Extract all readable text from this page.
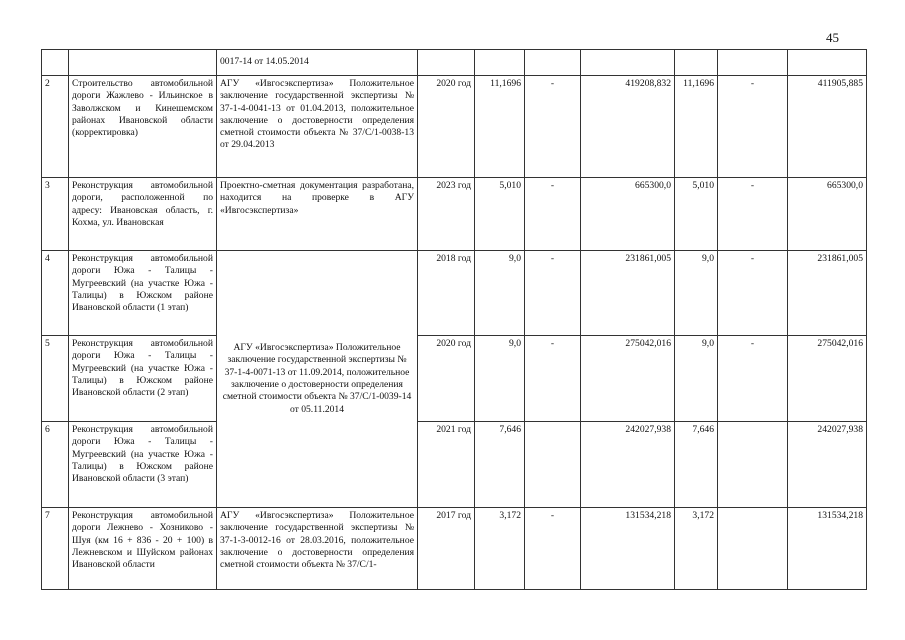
45
		0017-14 от 14.05.2014							
2	Строительство автомобильной дороги Жажлево - Ильинское в Заволжском и Кинешемском районах Ивановской области (корректировка)	АГУ «Ивгосэкспертиза» Положительное заключение государственной экспертизы № 37-1-4-0041-13 от 01.04.2013, положительное заключение о достоверности определения сметной стоимости объекта № 37/С/1-0038-13 от 29.04.2013	2020 год	11,1696	-	419208,832	11,1696	-	411905,885
3	Реконструкция автомобильной дороги, расположенной по адресу: Ивановская область, г. Кохма, ул. Ивановская	Проектно-сметная документация разработана, находится на проверке в АГУ «Ивгосэкспертиза»	2023 год	5,010	-	665300,0	5,010	-	665300,0
4	Реконструкция автомобильной дороги Южа - Талицы - Мугреевский (на участке Южа - Талицы) в Южском районе Ивановской области (1 этап)	АГУ «Ивгосэкспертиза» Положительное заключение государственной экспертизы № 37-1-4-0071-13 от 11.09.2014, положительное заключение о достоверности определения сметной стоимости объекта № 37/С/1-0039-14 от 05.11.2014	2018 год	9,0	-	231861,005	9,0	-	231861,005
5	Реконструкция автомобильной дороги Южа - Талицы - Мугреевский (на участке Южа - Талицы) в Южском районе Ивановской области (2 этап)		2020 год	9,0	-	275042,016	9,0	-	275042,016
6	Реконструкция автомобильной дороги Южа - Талицы - Мугреевский (на участке Южа - Талицы) в Южском районе Ивановской области (3 этап)		2021 год	7,646		242027,938	7,646		242027,938
7	Реконструкция автомобильной дороги Лежнево - Хозниково - Шуя (км 16 + 836 - 20 + 100) в Лежневском и Шуйском районах Ивановской области	АГУ «Ивгосэкспертиза» Положительное заключение государственной экспертизы № 37-1-3-0012-16 от 28.03.2016, положительное заключение о достоверности определения сметной стоимости объекта № 37/С/1-	2017 год	3,172	-	131534,218	3,172		131534,218
